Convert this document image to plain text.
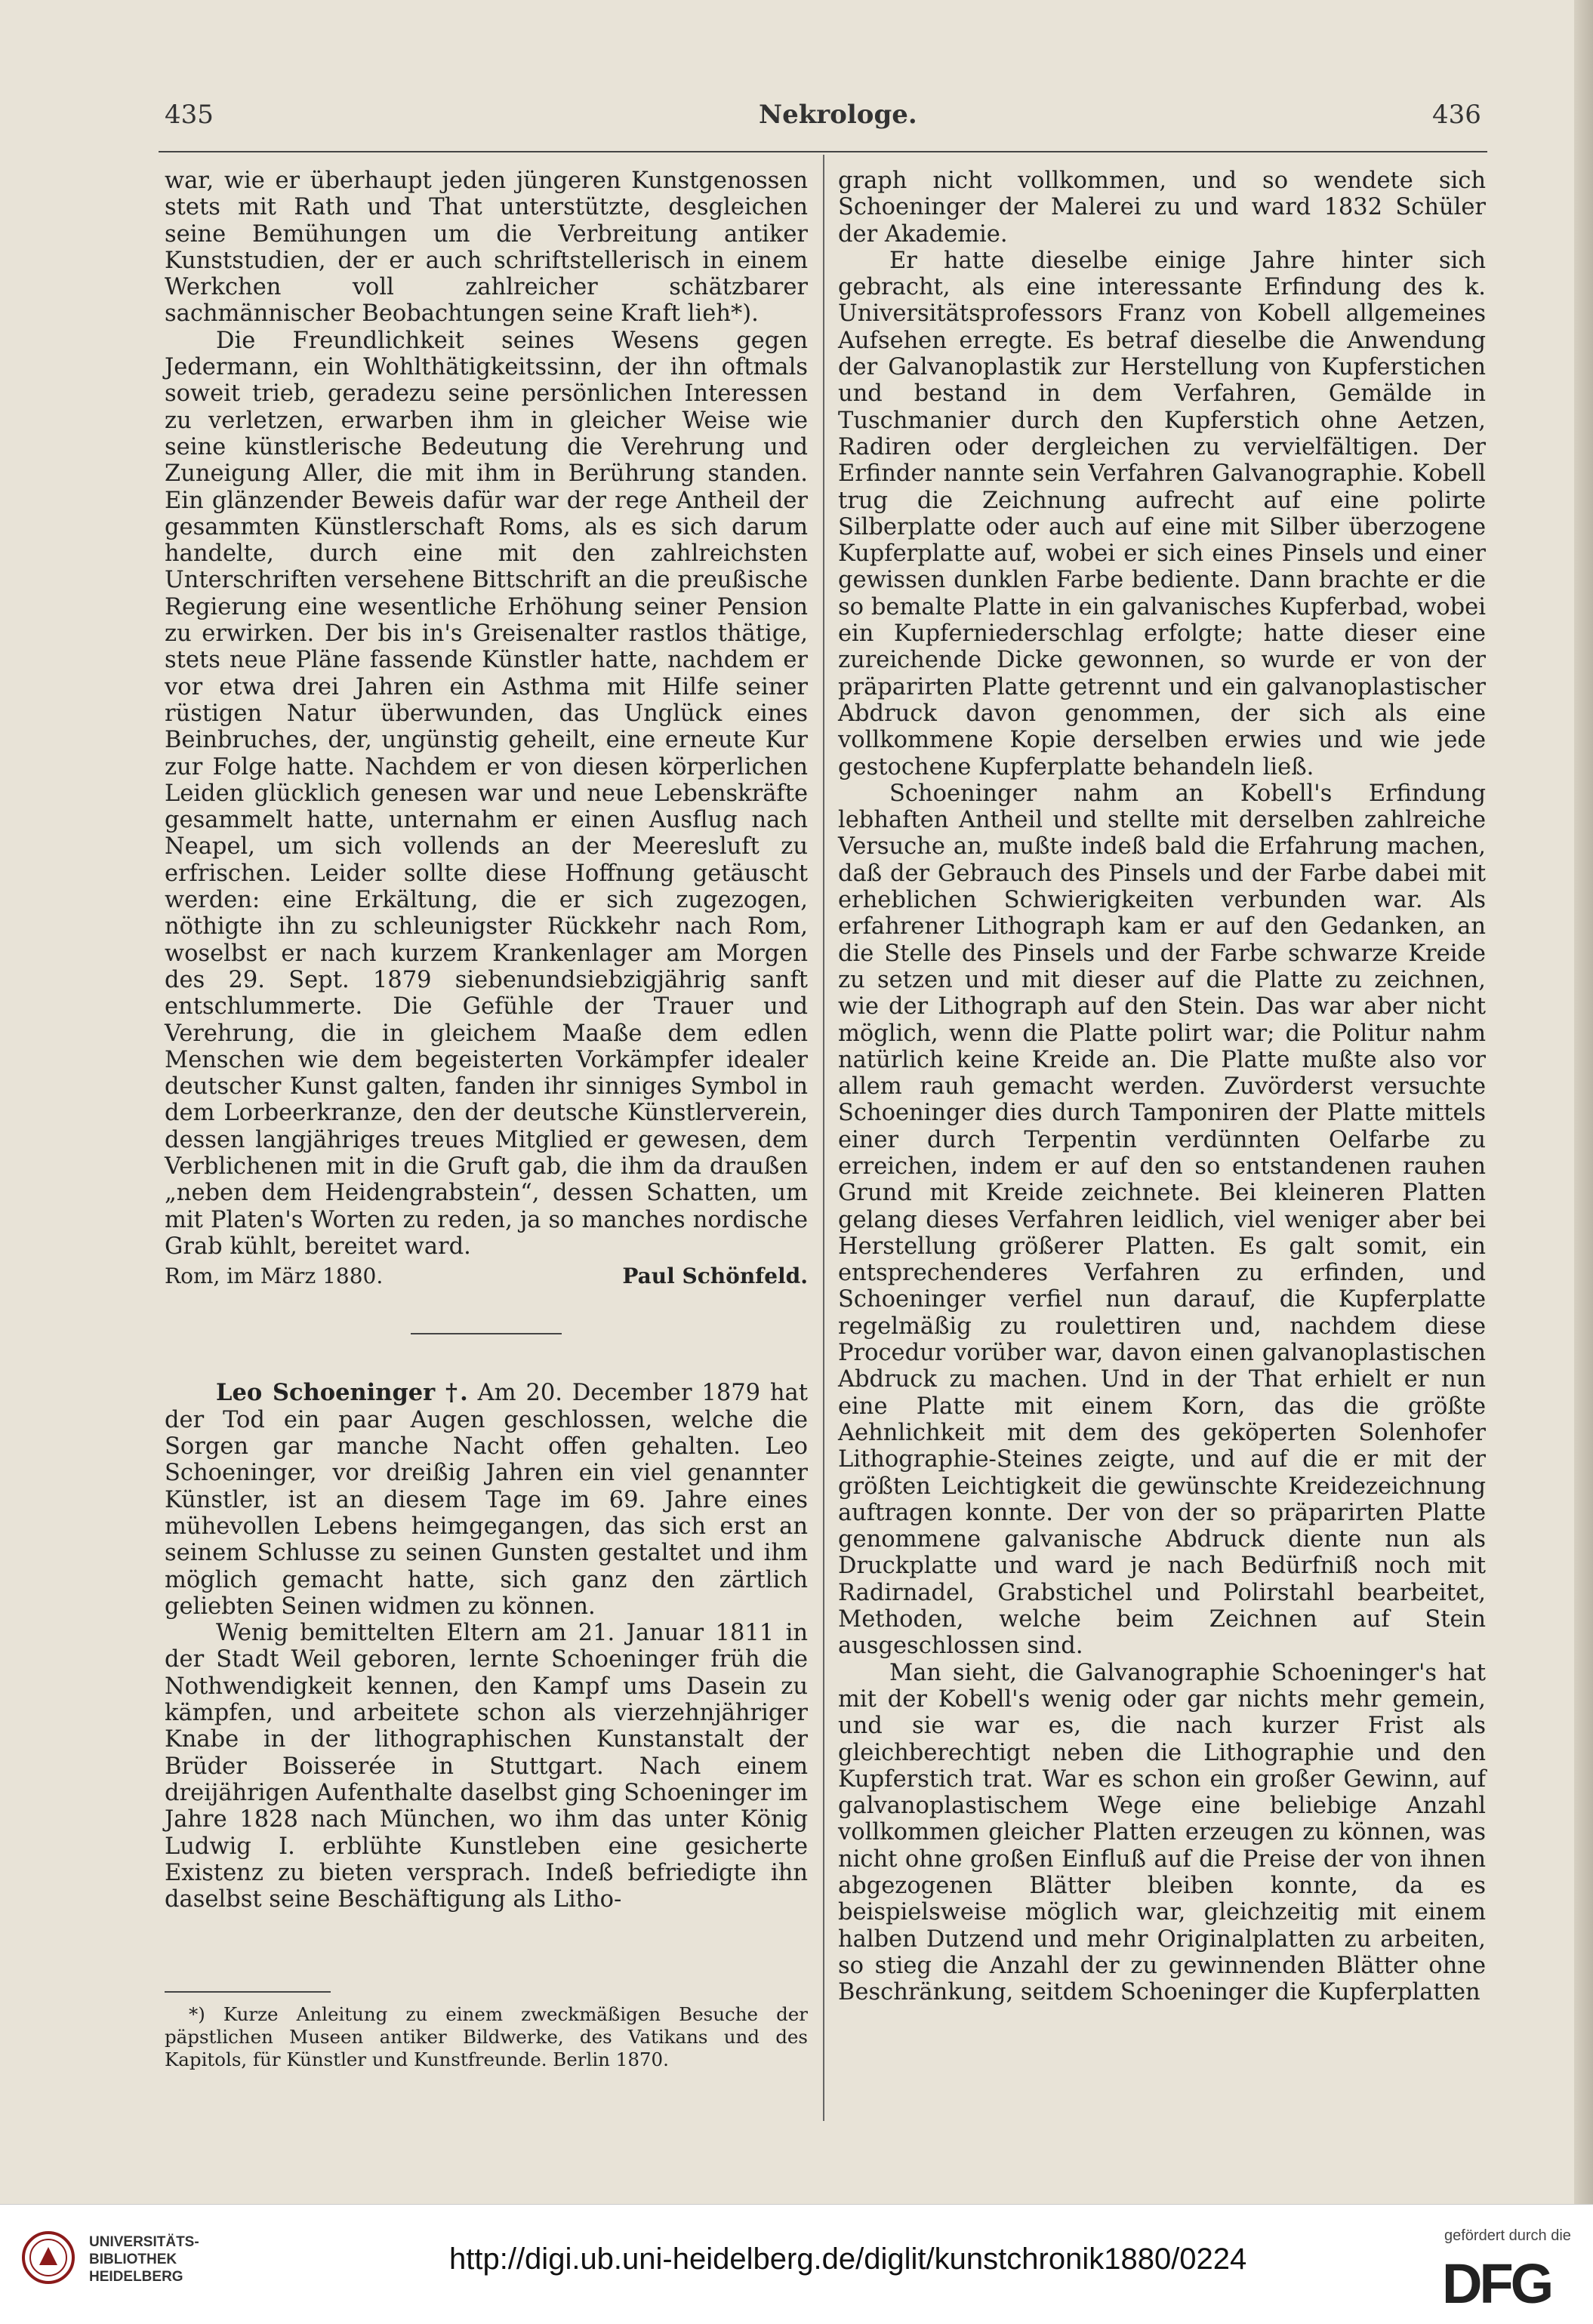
435	Nekrologe.	436

war, wie er überhaupt jeden jüngeren Kunstgenossen stets mit Rath und That unterstützte, desgleichen seine Bemühungen um die Verbreitung antiker Kunststudien, der er auch schriftstellerisch in einem Werkchen voll zahlreicher schätzbarer sachmännischer Beobachtungen seine Kraft lieh*).

Die Freundlichkeit seines Wesens gegen Jedermann, ein Wohlthätigkeitssinn, der ihn oftmals soweit trieb, geradezu seine persönlichen Interessen zu verletzen, erwarben ihm in gleicher Weise wie seine künstlerische Bedeutung die Verehrung und Zuneigung Aller, die mit ihm in Berührung standen. Ein glänzender Beweis dafür war der rege Antheil der gesammten Künstlerschaft Roms, als es sich darum handelte, durch eine mit den zahlreichsten Unterschriften versehene Bittschrift an die preußische Regierung eine wesentliche Erhöhung seiner Pension zu erwirken. Der bis in's Greisenalter rastlos thätige, stets neue Pläne fassende Künstler hatte, nachdem er vor etwa drei Jahren ein Asthma mit Hilfe seiner rüstigen Natur überwunden, das Unglück eines Beinbruches, der, ungünstig geheilt, eine erneute Kur zur Folge hatte. Nachdem er von diesen körperlichen Leiden glücklich genesen war und neue Lebenskräfte gesammelt hatte, unternahm er einen Ausflug nach Neapel, um sich vollends an der Meeresluft zu erfrischen. Leider sollte diese Hoffnung getäuscht werden: eine Erkältung, die er sich zugezogen, nöthigte ihn zu schleunigster Rückkehr nach Rom, woselbst er nach kurzem Krankenlager am Morgen des 29. Sept. 1879 siebenundsiebzigjährig sanft entschlummerte. Die Gefühle der Trauer und Verehrung, die in gleichem Maaße dem edlen Menschen wie dem begeisterten Vorkämpfer idealer deutscher Kunst galten, fanden ihr sinniges Symbol in dem Lorbeerkranze, den der deutsche Künstlerverein, dessen langjähriges treues Mitglied er gewesen, dem Verblichenen mit in die Gruft gab, die ihm da draußen „neben dem Heidengrabstein“, dessen Schatten, um mit Platen's Worten zu reden, ja so manches nordische Grab kühlt, bereitet ward.

Rom, im März 1880.	Paul Schönfeld.

Leo Schoeninger †. Am 20. December 1879 hat der Tod ein paar Augen geschlossen, welche die Sorgen gar manche Nacht offen gehalten. Leo Schoeninger, vor dreißig Jahren ein viel genannter Künstler, ist an diesem Tage im 69. Jahre eines mühevollen Lebens heimgegangen, das sich erst an seinem Schlusse zu seinen Gunsten gestaltet und ihm möglich gemacht hatte, sich ganz den zärtlich geliebten Seinen widmen zu können.

Wenig bemittelten Eltern am 21. Januar 1811 in der Stadt Weil geboren, lernte Schoeninger früh die Nothwendigkeit kennen, den Kampf ums Dasein zu kämpfen, und arbeitete schon als vierzehnjähriger Knabe in der lithographischen Kunstanstalt der Brüder Boisserée in Stuttgart. Nach einem dreijährigen Aufenthalte daselbst ging Schoeninger im Jahre 1828 nach München, wo ihm das unter König Ludwig I. erblühte Kunstleben eine gesicherte Existenz zu bieten versprach. Indeß befriedigte ihn daselbst seine Beschäftigung als Litho-

*) Kurze Anleitung zu einem zweckmäßigen Besuche der päpstlichen Museen antiker Bildwerke, des Vatikans und des Kapitols, für Künstler und Kunstfreunde. Berlin 1870.

graph nicht vollkommen, und so wendete sich Schoeninger der Malerei zu und ward 1832 Schüler der Akademie.

Er hatte dieselbe einige Jahre hinter sich gebracht, als eine interessante Erfindung des k. Universitätsprofessors Franz von Kobell allgemeines Aufsehen erregte. Es betraf dieselbe die Anwendung der Galvanoplastik zur Herstellung von Kupferstichen und bestand in dem Verfahren, Gemälde in Tuschmanier durch den Kupferstich ohne Aetzen, Radiren oder dergleichen zu vervielfältigen. Der Erfinder nannte sein Verfahren Galvanographie. Kobell trug die Zeichnung aufrecht auf eine polirte Silberplatte oder auch auf eine mit Silber überzogene Kupferplatte auf, wobei er sich eines Pinsels und einer gewissen dunklen Farbe bediente. Dann brachte er die so bemalte Platte in ein galvanisches Kupferbad, wobei ein Kupferniederschlag erfolgte; hatte dieser eine zureichende Dicke gewonnen, so wurde er von der präparirten Platte getrennt und ein galvanoplastischer Abdruck davon genommen, der sich als eine vollkommene Kopie derselben erwies und wie jede gestochene Kupferplatte behandeln ließ.

Schoeninger nahm an Kobell's Erfindung lebhaften Antheil und stellte mit derselben zahlreiche Versuche an, mußte indeß bald die Erfahrung machen, daß der Gebrauch des Pinsels und der Farbe dabei mit erheblichen Schwierigkeiten verbunden war. Als erfahrener Lithograph kam er auf den Gedanken, an die Stelle des Pinsels und der Farbe schwarze Kreide zu setzen und mit dieser auf die Platte zu zeichnen, wie der Lithograph auf den Stein. Das war aber nicht möglich, wenn die Platte polirt war; die Politur nahm natürlich keine Kreide an. Die Platte mußte also vor allem rauh gemacht werden. Zuvörderst versuchte Schoeninger dies durch Tamponiren der Platte mittels einer durch Terpentin verdünnten Oelfarbe zu erreichen, indem er auf den so entstandenen rauhen Grund mit Kreide zeichnete. Bei kleineren Platten gelang dieses Verfahren leidlich, viel weniger aber bei Herstellung größerer Platten. Es galt somit, ein entsprechenderes Verfahren zu erfinden, und Schoeninger verfiel nun darauf, die Kupferplatte regelmäßig zu roulettiren und, nachdem diese Procedur vorüber war, davon einen galvanoplastischen Abdruck zu machen. Und in der That erhielt er nun eine Platte mit einem Korn, das die größte Aehnlichkeit mit dem des geköperten Solenhofer Lithographie-Steines zeigte, und auf die er mit der größten Leichtigkeit die gewünschte Kreidezeichnung auftragen konnte. Der von der so präparirten Platte genommene galvanische Abdruck diente nun als Druckplatte und ward je nach Bedürfniß noch mit Radirnadel, Grabstichel und Polirstahl bearbeitet, Methoden, welche beim Zeichnen auf Stein ausgeschlossen sind.

Man sieht, die Galvanographie Schoeninger's hat mit der Kobell's wenig oder gar nichts mehr gemein, und sie war es, die nach kurzer Frist als gleichberechtigt neben die Lithographie und den Kupferstich trat. War es schon ein großer Gewinn, auf galvanoplastischem Wege eine beliebige Anzahl vollkommen gleicher Platten erzeugen zu können, was nicht ohne großen Einfluß auf die Preise der von ihnen abgezogenen Blätter bleiben konnte, da es beispielsweise möglich war, gleichzeitig mit einem halben Dutzend und mehr Originalplatten zu arbeiten, so stieg die Anzahl der zu gewinnenden Blätter ohne Beschränkung, seitdem Schoeninger die Kupferplatten

UNIVERSITÄTS-
BIBLIOTHEK
HEIDELBERG
http://digi.ub.uni-heidelberg.de/diglit/kunstchronik1880/0224
gefördert durch die
DFG
